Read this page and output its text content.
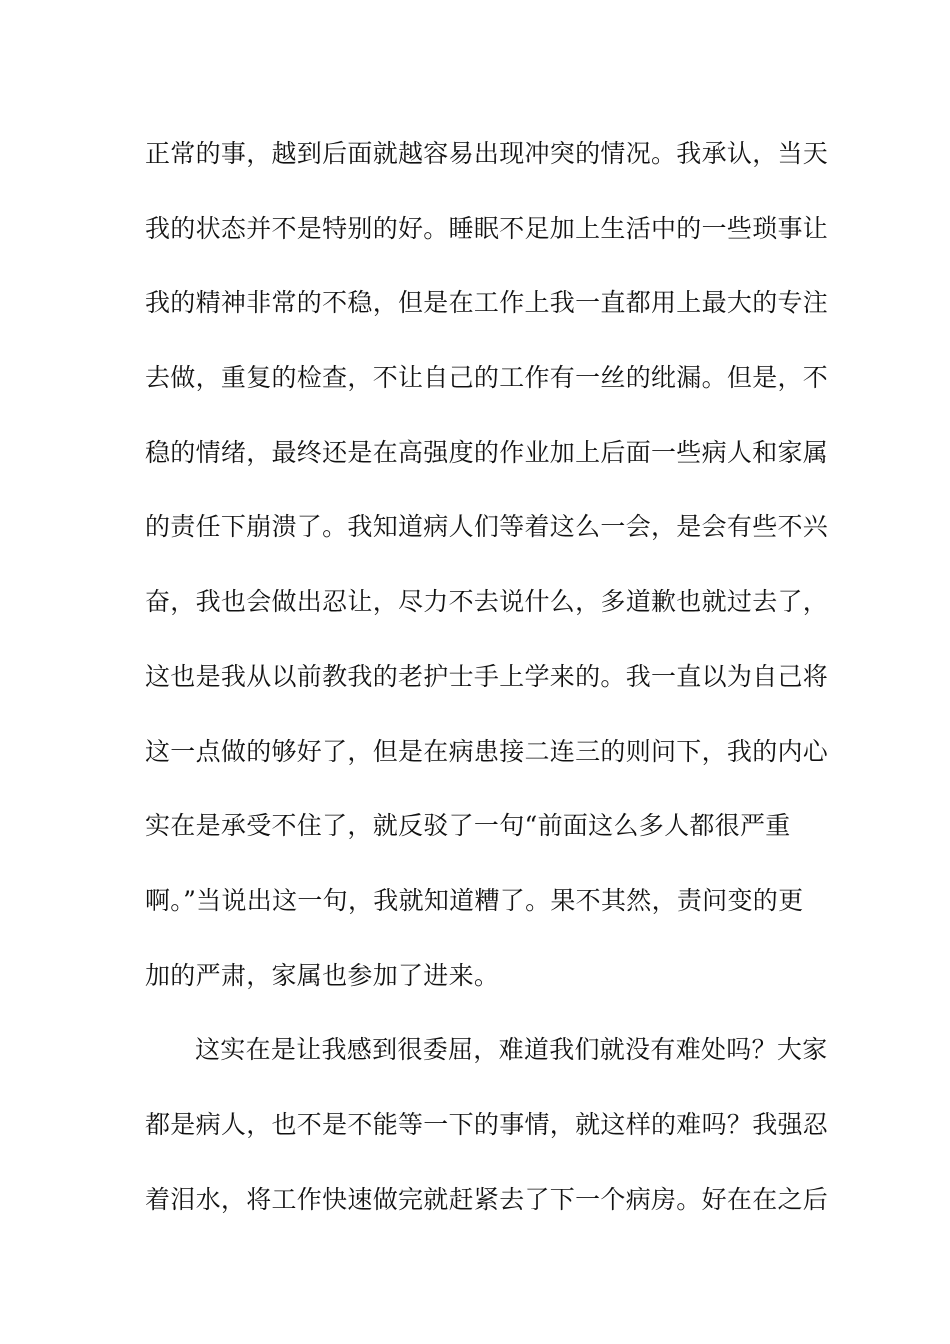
正常的事，越到后面就越容易出现冲突的情况。我承认，当天
我的状态并不是特别的好。睡眠不足加上生活中的一些琐事让
我的精神非常的不稳，但是在工作上我一直都用上最大的专注
去做，重复的检查，不让自己的工作有一丝的纰漏。但是，不
稳的情绪，最终还是在高强度的作业加上后面一些病人和家属
的责任下崩溃了。我知道病人们等着这么一会，是会有些不兴
奋，我也会做出忍让，尽力不去说什么，多道歉也就过去了，
这也是我从以前教我的老护士手上学来的。我一直以为自己将
这一点做的够好了，但是在病患接二连三的则问下，我的内心
实在是承受不住了，就反驳了一句“前面这么多人都很严重
啊。”当说出这一句，我就知道糟了。果不其然，责问变的更
加的严肃，家属也参加了进来。
这实在是让我感到很委屈，难道我们就没有难处吗？大家
都是病人，也不是不能等一下的事情，就这样的难吗？我强忍
着泪水，将工作快速做完就赶紧去了下一个病房。好在在之后
